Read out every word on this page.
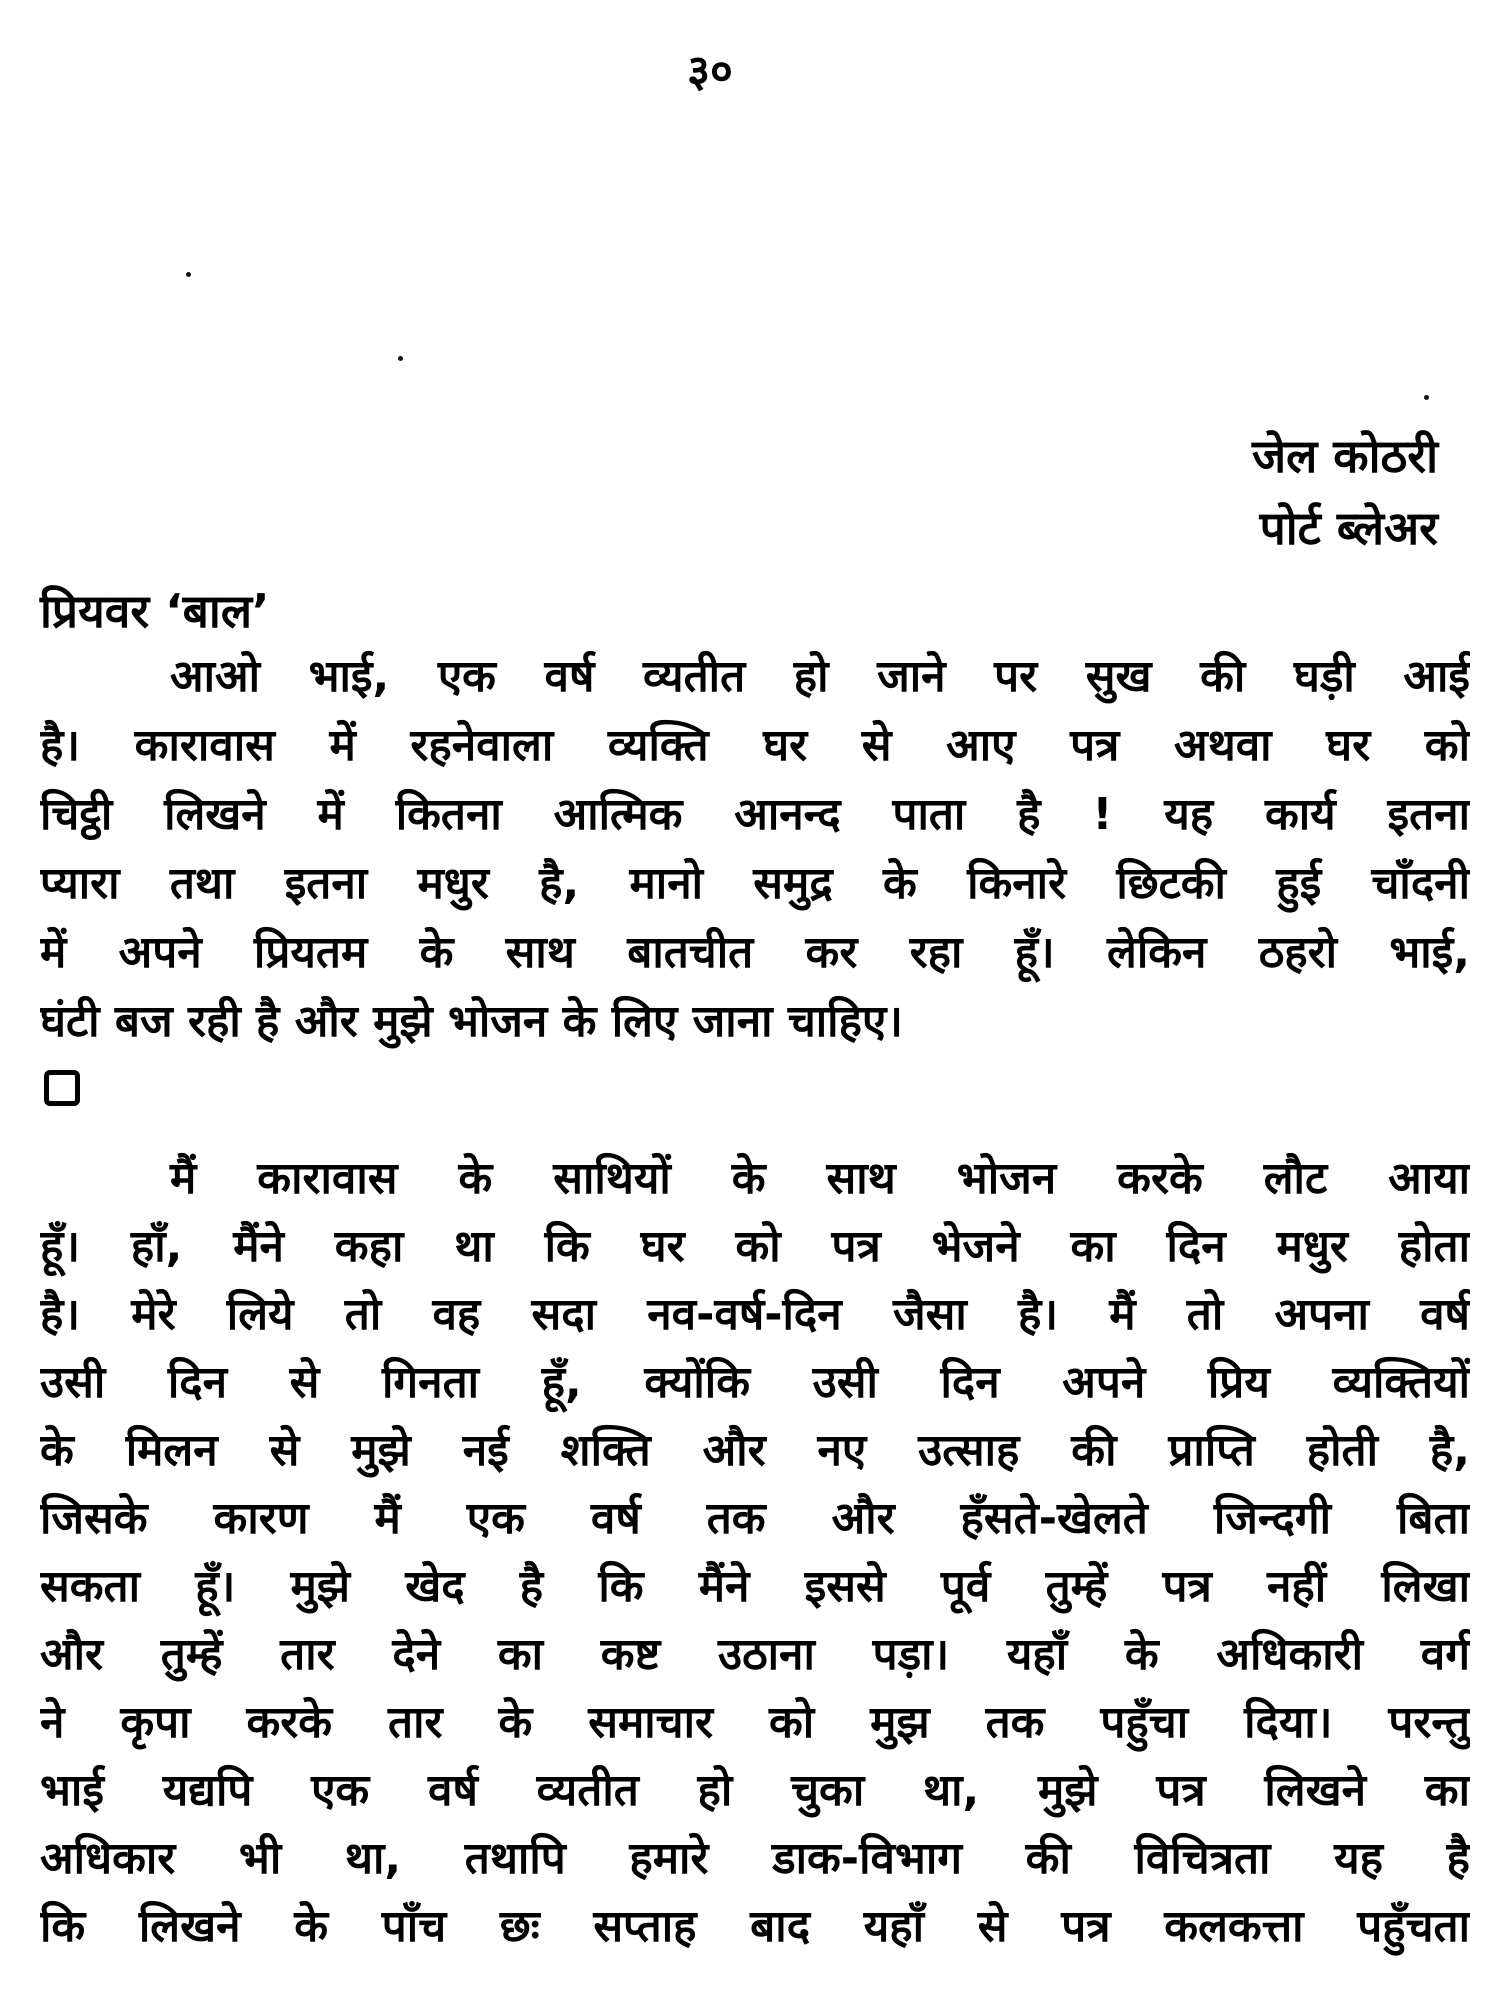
३०
जेल कोठरी
पोर्ट ब्लेअर
प्रियवर ‘बाल’
आओ भाई, एक वर्ष व्यतीत हो जाने पर सुख की घड़ी आई
है। कारावास में रहनेवाला व्यक्ति घर से आए पत्र अथवा घर को
चिट्ठी लिखने में कितना आत्मिक आनन्द पाता है ! यह कार्य इतना
प्यारा तथा इतना मधुर है, मानो समुद्र के किनारे छिटकी हुई चाँदनी
में अपने प्रियतम के साथ बातचीत कर रहा हूँ। लेकिन ठहरो भाई,
घंटी बज रही है और मुझे भोजन के लिए जाना चाहिए।
मैं कारावास के साथियों के साथ भोजन करके लौट आया
हूँ। हाँ, मैंने कहा था कि घर को पत्र भेजने का दिन मधुर होता
है। मेरे लिये तो वह सदा नव-वर्ष-दिन जैसा है। मैं तो अपना वर्ष
उसी दिन से गिनता हूँ, क्योंकि उसी दिन अपने प्रिय व्यक्तियों
के मिलन से मुझे नई शक्ति और नए उत्साह की प्राप्ति होती है,
जिसके कारण मैं एक वर्ष तक और हँसते-खेलते जिन्दगी बिता
सकता हूँ। मुझे खेद है कि मैंने इससे पूर्व तुम्हें पत्र नहीं लिखा
और तुम्हें तार देने का कष्ट उठाना पड़ा। यहाँ के अधिकारी वर्ग
ने कृपा करके तार के समाचार को मुझ तक पहुँचा दिया। परन्तु
भाई यद्यपि एक वर्ष व्यतीत हो चुका था, मुझे पत्र लिखने का
अधिकार भी था, तथापि हमारे डाक-विभाग की विचित्रता यह है
कि लिखने के पाँच छः सप्ताह बाद यहाँ से पत्र कलकत्ता पहुँचता
